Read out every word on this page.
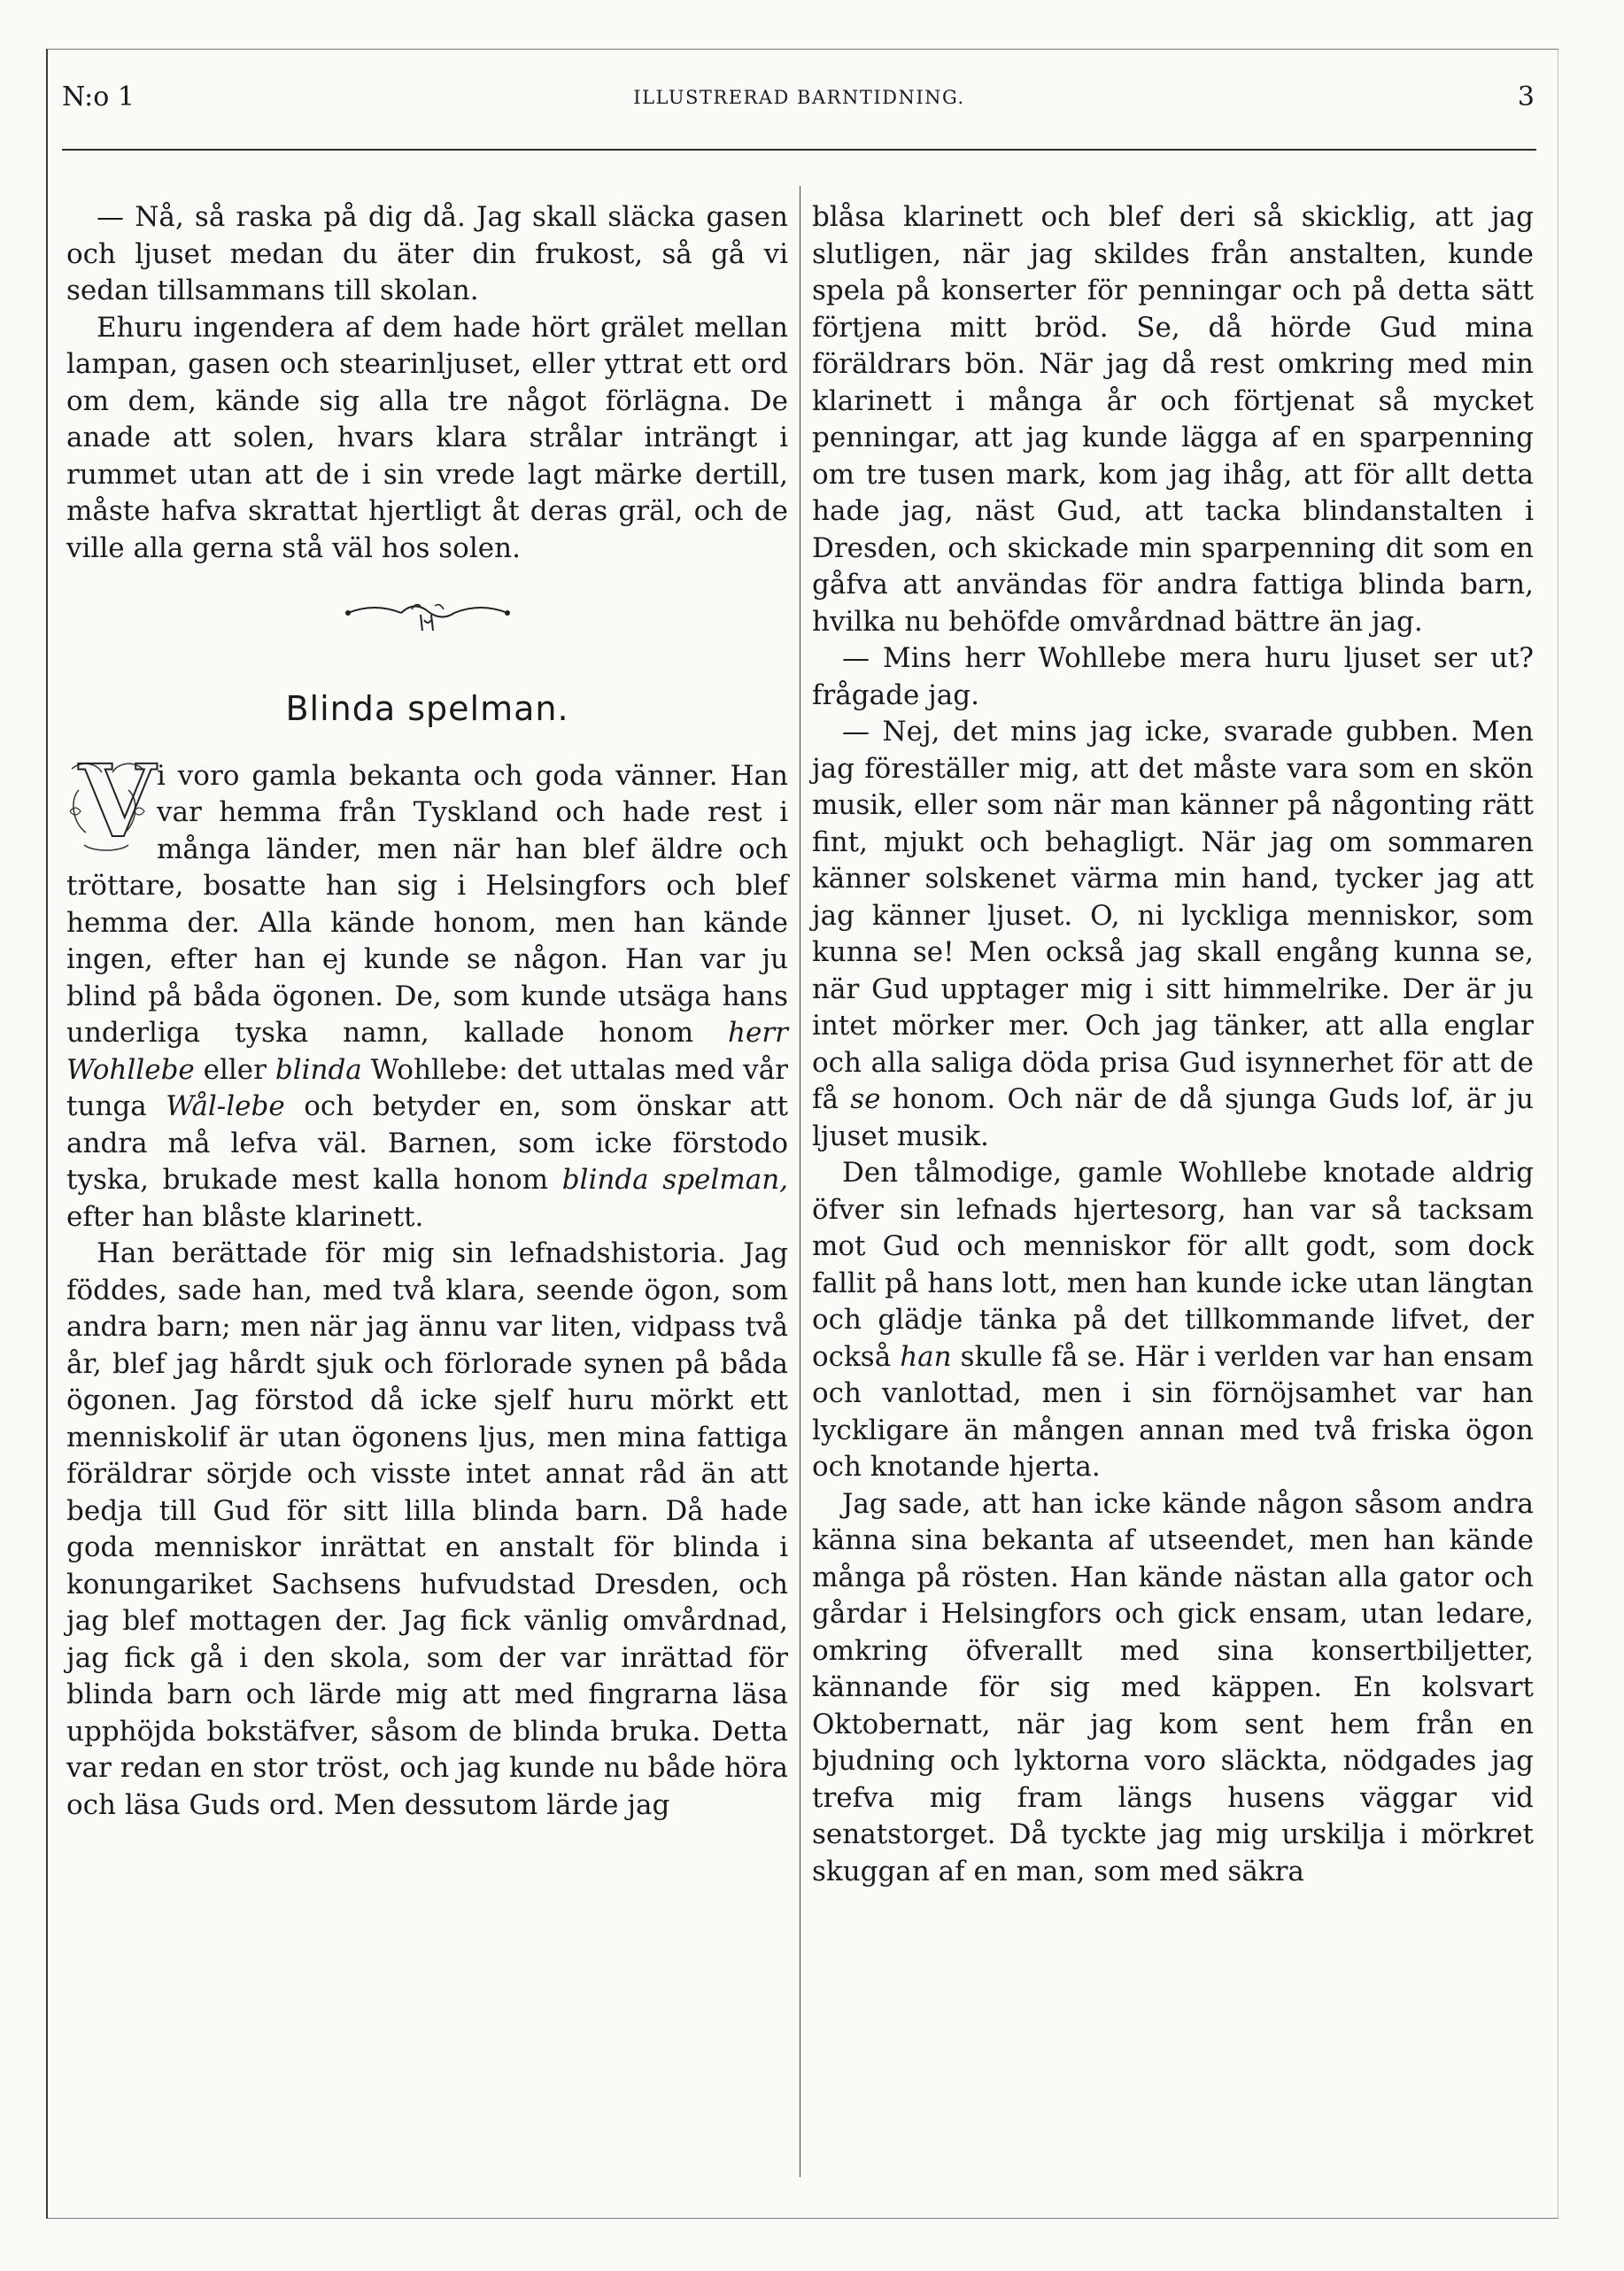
N:o 1	ILLUSTRERAD BARNTIDNING.	3

— Nå, så raska på dig då. Jag skall släcka gasen och ljuset medan du äter din frukost, så gå vi sedan tillsammans till skolan.

Ehuru ingendera af dem hade hört grälet mellan lampan, gasen och stearinljuset, eller yttrat ett ord om dem, kände sig alla tre något förlägna. De anade att solen, hvars klara strålar inträngt i rummet utan att de i sin vrede lagt märke dertill, måste hafva skrattat hjertligt åt deras gräl, och de ville alla gerna stå väl hos solen.

Blinda spelman.
V i voro gamla bekanta och goda vänner. Han var hemma från Tyskland och hade rest i många länder, men när han blef äldre och tröttare, bosatte han sig i Helsingfors och blef hemma der. Alla kände honom, men han kände ingen, efter han ej kunde se någon. Han var ju blind på båda ögonen. De, som kunde utsäga hans underliga tyska namn, kallade honom herr Wohllebe eller blinda Wohllebe: det uttalas med vår tunga Wål-lebe och betyder en, som önskar att andra må lefva väl. Barnen, som icke förstodo tyska, brukade mest kalla honom blinda spelman, efter han blåste klarinett.

Han berättade för mig sin lefnadshistoria. Jag föddes, sade han, med två klara, seende ögon, som andra barn; men när jag ännu var liten, vidpass två år, blef jag hårdt sjuk och förlorade synen på båda ögonen. Jag förstod då icke sjelf huru mörkt ett menniskolif är utan ögonens ljus, men mina fattiga föräldrar sörjde och visste intet annat råd än att bedja till Gud för sitt lilla blinda barn. Då hade goda menniskor inrättat en anstalt för blinda i konungariket Sachsens hufvudstad Dresden, och jag blef mottagen der. Jag fick vänlig omvårdnad, jag fick gå i den skola, som der var inrättad för blinda barn och lärde mig att med fingrarna läsa upphöjda bokstäfver, såsom de blinda bruka. Detta var redan en stor tröst, och jag kunde nu både höra och läsa Guds ord. Men dessutom lärde jag

blåsa klarinett och blef deri så skicklig, att jag slutligen, när jag skildes från anstalten, kunde spela på konserter för penningar och på detta sätt förtjena mitt bröd. Se, då hörde Gud mina föräldrars bön. När jag då rest omkring med min klarinett i många år och förtjenat så mycket penningar, att jag kunde lägga af en sparpenning om tre tusen mark, kom jag ihåg, att för allt detta hade jag, näst Gud, att tacka blindanstalten i Dresden, och skickade min sparpenning dit som en gåfva att användas för andra fattiga blinda barn, hvilka nu behöfde omvårdnad bättre än jag.

— Mins herr Wohllebe mera huru ljuset ser ut? frågade jag.

— Nej, det mins jag icke, svarade gubben. Men jag föreställer mig, att det måste vara som en skön musik, eller som när man känner på någonting rätt fint, mjukt och behagligt. När jag om sommaren känner solskenet värma min hand, tycker jag att jag känner ljuset. O, ni lyckliga menniskor, som kunna se! Men också jag skall engång kunna se, när Gud upptager mig i sitt himmelrike. Der är ju intet mörker mer. Och jag tänker, att alla englar och alla saliga döda prisa Gud isynnerhet för att de få se honom. Och när de då sjunga Guds lof, är ju ljuset musik.

Den tålmodige, gamle Wohllebe knotade aldrig öfver sin lefnads hjertesorg, han var så tacksam mot Gud och menniskor för allt godt, som dock fallit på hans lott, men han kunde icke utan längtan och glädje tänka på det tillkommande lifvet, der också han skulle få se. Här i verlden var han ensam och vanlottad, men i sin förnöjsamhet var han lyckligare än mången annan med två friska ögon och knotande hjerta.

Jag sade, att han icke kände någon såsom andra känna sina bekanta af utseendet, men han kände många på rösten. Han kände nästan alla gator och gårdar i Helsingfors och gick ensam, utan ledare, omkring öfverallt med sina konsertbiljetter, kännande för sig med käppen. En kolsvart Oktobernatt, när jag kom sent hem från en bjudning och lyktorna voro släckta, nödgades jag trefva mig fram längs husens väggar vid senatstorget. Då tyckte jag mig urskilja i mörkret skuggan af en man, som med säkra
